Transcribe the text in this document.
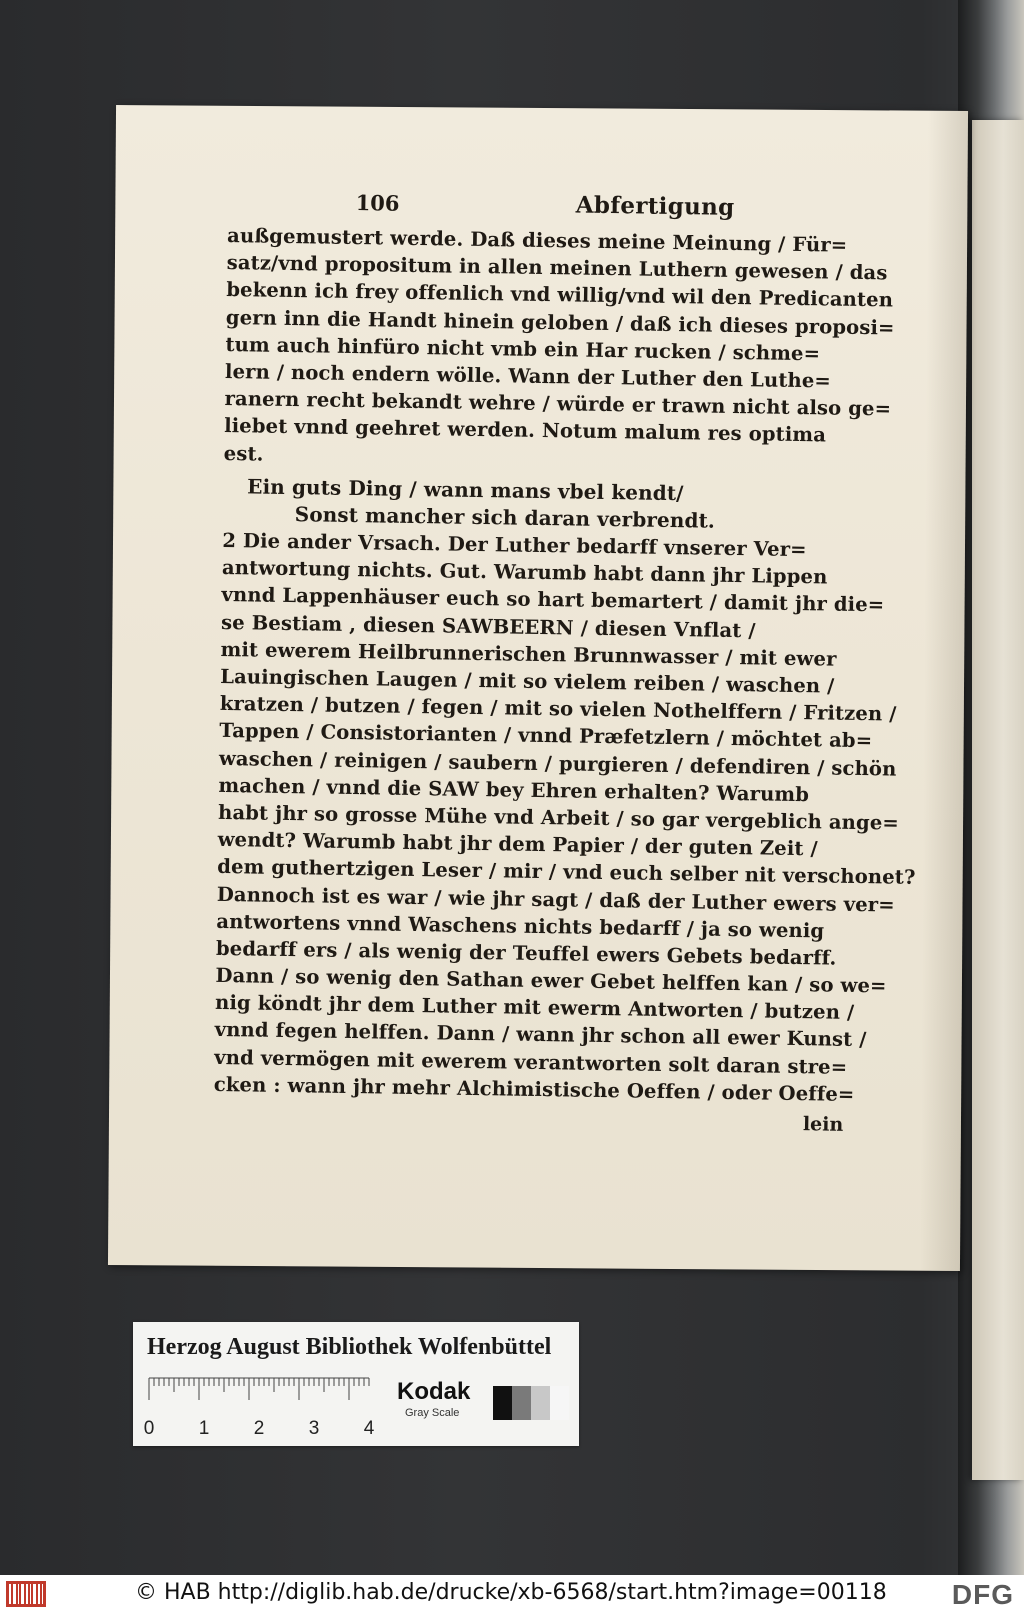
106	Abfertigung
außgemustert werde. Daß dieses meine Meinung / Für=
satz/vnd propositum in allen meinen Luthern gewesen / das
bekenn ich frey offenlich vnd willig/vnd wil den Predicanten
gern inn die Handt hinein geloben / daß ich dieses proposi=
tum auch hinfüro nicht vmb ein Har rucken / schme=
lern / noch endern wölle. Wann der Luther den Luthe=
ranern recht bekandt wehre / würde er trawn nicht also ge=
liebet vnnd geehret werden. Notum malum res optima
est.
Ein guts Ding / wann mans vbel kendt/
Sonst mancher sich daran verbrendt.
2 Die ander Vrsach. Der Luther bedarff vnserer Ver=
antwortung nichts. Gut. Warumb habt dann jhr Lippen
vnnd Lappenhäuser euch so hart bemartert / damit jhr die=
se Bestiam , diesen SAWBEERN / diesen Vnflat /
mit ewerem Heilbrunnerischen Brunnwasser / mit ewer
Lauingischen Laugen / mit so vielem reiben / waschen /
kratzen / butzen / fegen / mit so vielen Nothelffern / Fritzen /
Tappen / Consistorianten / vnnd Præfetzlern / möchtet ab=
waschen / reinigen / saubern / purgieren / defendiren / schön
machen / vnnd die SAW bey Ehren erhalten? Warumb
habt jhr so grosse Mühe vnd Arbeit / so gar vergeblich ange=
wendt? Warumb habt jhr dem Papier / der guten Zeit /
dem guthertzigen Leser / mir / vnd euch selber nit verschonet?
Dannoch ist es war / wie jhr sagt / daß der Luther ewers ver=
antwortens vnnd Waschens nichts bedarff / ja so wenig
bedarff ers / als wenig der Teuffel ewers Gebets bedarff.
Dann / so wenig den Sathan ewer Gebet helffen kan / so we=
nig köndt jhr dem Luther mit ewerm Antworten / butzen /
vnnd fegen helffen. Dann / wann jhr schon all ewer Kunst /
vnd vermögen mit ewerem verantworten solt daran stre=
cken : wann jhr mehr Alchimistische Oeffen / oder Oeffe=
lein
Herzog August Bibliothek Wolfenbüttel
0 1 2 3 4
Kodak
Gray Scale
© HAB http://diglib.hab.de/drucke/xb-6568/start.htm?image=00118 DFG
